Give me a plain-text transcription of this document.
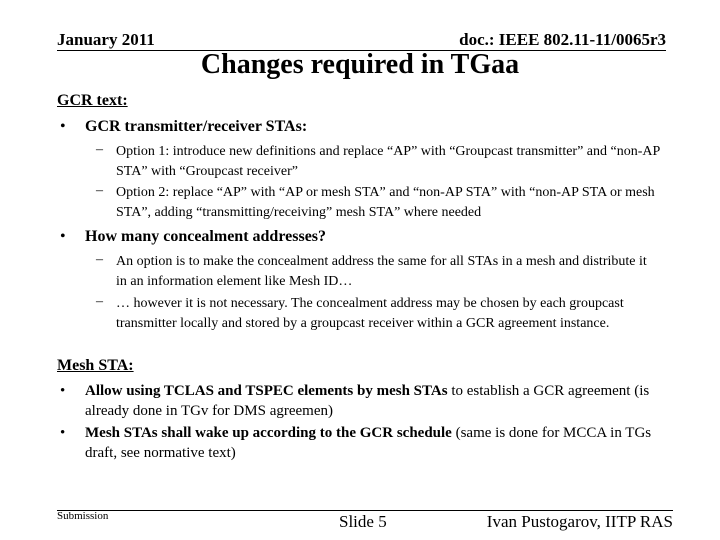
January 2011	doc.: IEEE 802.11-11/0065r3
Changes required in TGaa
GCR text:
• GCR transmitter/receiver STAs:
– Option 1: introduce new definitions and replace “AP” with “Groupcast transmitter” and “non-AP STA” with “Groupcast receiver”
– Option 2: replace “AP” with “AP or mesh STA” and “non-AP STA” with “non-AP STA or mesh STA”, adding “transmitting/receiving” mesh STA” where needed
• How many concealment addresses?
– An option is to make the concealment address the same for all STAs in a mesh and distribute it in an information element like Mesh ID…
– … however it is not necessary. The concealment address may be chosen by each groupcast transmitter locally and stored by a groupcast receiver within a GCR agreement instance.
Mesh STA:
• Allow using TCLAS and TSPEC elements by mesh STAs to establish a GCR agreement (is already done in TGv for DMS agreemen)
• Mesh STAs shall wake up according to the GCR schedule (same is done for MCCA in TGs draft, see normative text)
Submission	Slide 5	Ivan Pustogarov, IITP RAS
